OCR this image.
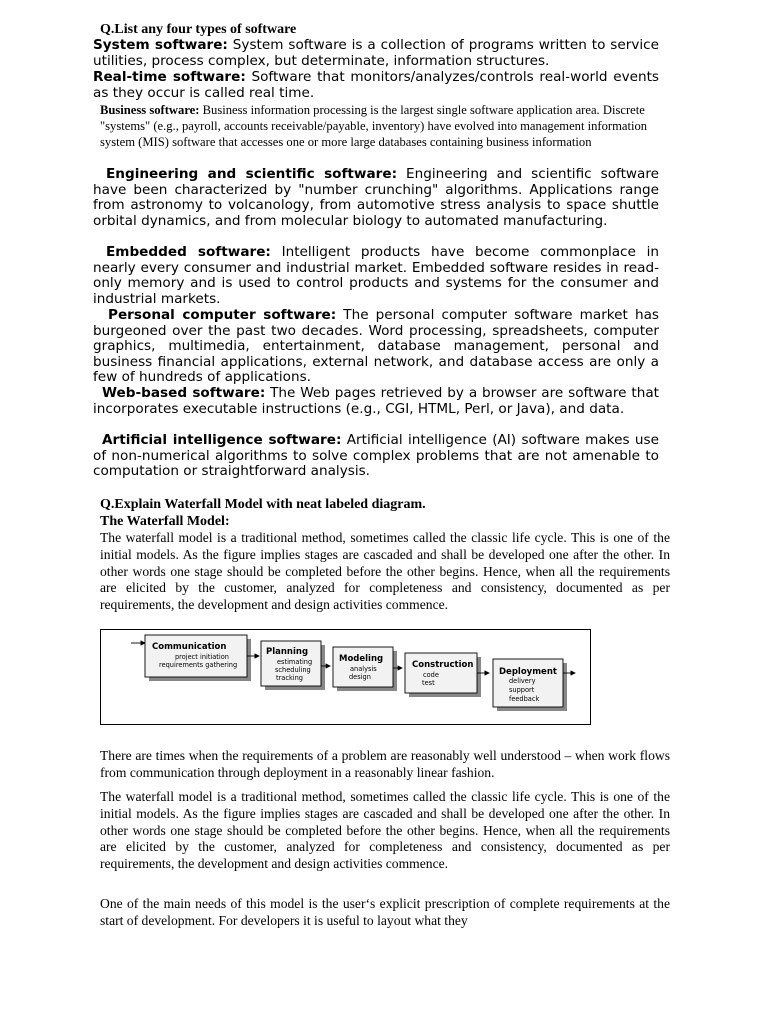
Q.List any four types of software
System software: System software is a collection of programs written to service utilities, process complex, but determinate, information structures.
Real-time software: Software that monitors/analyzes/controls real-world events as they occur is called real time.
Business software: Business information processing is the largest single software application area. Discrete "systems" (e.g., payroll, accounts receivable/payable, inventory) have evolved into management information system (MIS) software that accesses one or more large databases containing business information
Engineering and scientific software: Engineering and scientific software have been characterized by "number crunching" algorithms. Applications range from astronomy to volcanology, from automotive stress analysis to space shuttle orbital dynamics, and from molecular biology to automated manufacturing.
Embedded software: Intelligent products have become commonplace in nearly every consumer and industrial market. Embedded software resides in read-only memory and is used to control products and systems for the consumer and industrial markets.
Personal computer software: The personal computer software market has burgeoned over the past two decades. Word processing, spreadsheets, computer graphics, multimedia, entertainment, database management, personal and business financial applications, external network, and database access are only a few of hundreds of applications.
Web-based software: The Web pages retrieved by a browser are software that incorporates executable instructions (e.g., CGI, HTML, Perl, or Java), and data.
Artificial intelligence software: Artificial intelligence (AI) software makes use of non-numerical algorithms to solve complex problems that are not amenable to computation or straightforward analysis.
Q.Explain Waterfall Model with neat labeled diagram.
The Waterfall Model:
The waterfall model is a traditional method, sometimes called the classic life cycle. This is one of the initial models. As the figure implies stages are cascaded and shall be developed one after the other. In other words one stage should be completed before the other begins. Hence, when all the requirements are elicited by the customer, analyzed for completeness and consistency, documented as per requirements, the development and design activities commence.
Communication
project initiation
requirements gathering
Planning
estimating
scheduling
tracking
Modeling
analysis
design
Construction
code
test
Deployment
delivery
support
feedback
There are times when the requirements of a problem are reasonably well understood – when work flows from communication through deployment in a reasonably linear fashion.
The waterfall model is a traditional method, sometimes called the classic life cycle. This is one of the initial models. As the figure implies stages are cascaded and shall be developed one after the other. In other words one stage should be completed before the other begins. Hence, when all the requirements are elicited by the customer, analyzed for completeness and consistency, documented as per requirements, the development and design activities commence.
One of the main needs of this model is the user‘s explicit prescription of complete requirements at the start of development. For developers it is useful to layout what they
